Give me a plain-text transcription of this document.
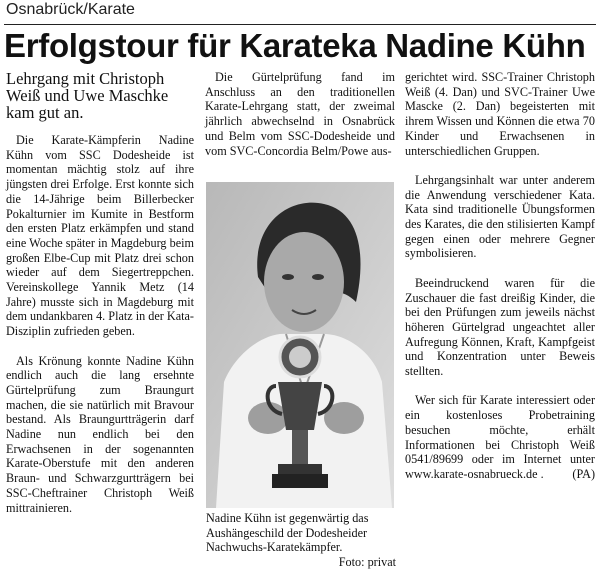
Osnabrück/Karate
Erfolgstour für Karateka Nadine Kühn

Lehrgang mit Christoph Weiß und Uwe Maschke kam gut an.

Die Karate-Kämpferin Nadine Kühn vom SSC Dodesheide ist momentan mächtig stolz auf ihre jüngsten drei Erfolge. Erst konnte sich die 14-Jährige beim Billerbecker Pokalturnier im Kumite in Bestform den ersten Platz erkämpfen und stand eine Woche später in Magdeburg beim großen Elbe-Cup mit Platz drei schon wieder auf dem Siegertreppchen. Vereinskollege Yannik Metz (14 Jahre) musste sich in Magdeburg mit dem undankbaren 4. Platz in der Kata-Disziplin zufrieden geben.

Als Krönung konnte Nadine Kühn endlich auch die lang ersehnte Gürtelprüfung zum Braungurt machen, die sie natürlich mit Bravour bestand. Als Braungurtträgerin darf Nadine nun endlich bei den Erwachsenen in der sogenannten Karate-Oberstufe mit den anderen Braun- und Schwarzgurtträgern bei SSC-Cheftrainer Christoph Weiß mittrainieren.

Die Gürtelprüfung fand im Anschluss an den traditionellen Karate-Lehrgang statt, der zweimal jährlich abwechselnd in Osnabrück und Belm vom SSC-Dodesheide und vom SVC-Concordia Belm/Powe aus-

Nadine Kühn ist gegenwärtig das Aushängeschild der Dodesheider Nachwuchs-Karatekämpfer.
Foto: privat

gerichtet wird. SSC-Trainer Christoph Weiß (4. Dan) und SVC-Trainer Uwe Mascke (2. Dan) begeisterten mit ihrem Wissen und Können die etwa 70 Kinder und Erwachsenen in unterschiedlichen Gruppen.

Lehrgangsinhalt war unter anderem die Anwendung verschiedener Kata. Kata sind traditionelle Übungsformen des Karates, die den stilisierten Kampf gegen einen oder mehrere Gegner symbolisieren.

Beeindruckend waren für die Zuschauer die fast dreißig Kinder, die bei den Prüfungen zum jeweils nächst höheren Gürtelgrad ungeachtet aller Aufregung Können, Kraft, Kampfgeist und Konzentration unter Beweis stellten.

Wer sich für Karate interessiert oder ein kostenloses Probetraining besuchen möchte, erhält Informationen bei Christoph Weiß 0541/89699 oder im Internet unter www.karate-osnabrueck.de . (PA)
